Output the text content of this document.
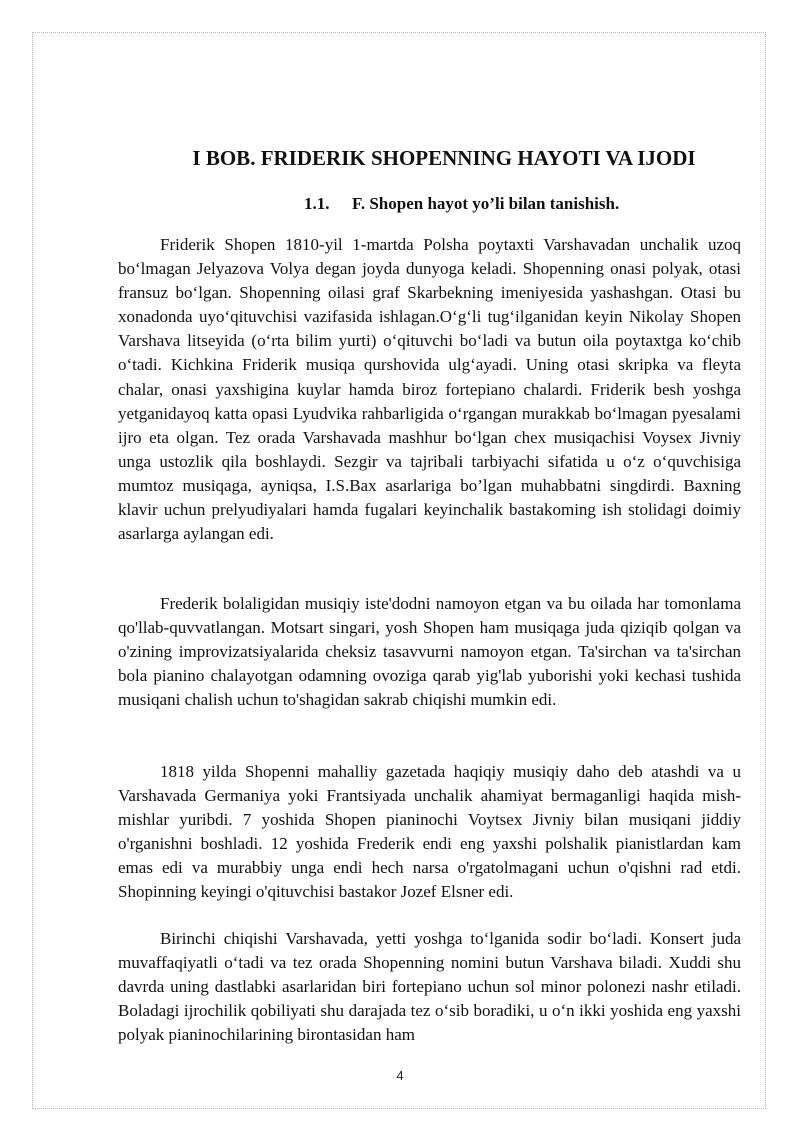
I BOB. FRIDERIK SHOPENNING HAYOTI VA IJODI
1.1. F. Shopen hayot yo’li bilan tanishish.

Friderik Shopen 1810-yil 1-martda Polsha poytaxti Varshavadan unchalik uzoq bo‘lmagan Jelyazova Volya degan joyda dunyoga keladi. Shopenning onasi polyak, otasi fransuz bo‘lgan. Shopenning oilasi graf Skarbekning imeniyesida yashashgan. Otasi bu xonadonda uyo‘qituvchisi vazifasida ishlagan.O‘g‘li tug‘ilganidan keyin Nikolay Shopen Varshava litseyida (o‘rta bilim yurti) o‘qituvchi bo‘ladi va butun oila poytaxtga ko‘chib o‘tadi. Kichkina Friderik musiqa qurshovida ulg‘ayadi. Uning otasi skripka va fleyta chalar, onasi yaxshigina kuylar hamda biroz fortepiano chalardi. Friderik besh yoshga yetganidayoq katta opasi Lyudvika rahbarligida o‘rgangan murakkab bo‘lmagan pyesalami ijro eta olgan. Tez orada Varshavada mashhur bo‘lgan chex musiqachisi Voysex Jivniy unga ustozlik qila boshlaydi. Sezgir va tajribali tarbiyachi sifatida u o‘z o‘quvchisiga mumtoz musiqaga, ayniqsa, I.S.Bax asarlariga bo’lgan muhabbatni singdirdi. Baxning klavir uchun prelyudiyalari hamda fugalari keyinchalik bastakoming ish stolidagi doimiy asarlarga aylangan edi.

Frederik bolaligidan musiqiy iste'dodni namoyon etgan va bu oilada har tomonlama qo'llab-quvvatlangan. Motsart singari, yosh Shopen ham musiqaga juda qiziqib qolgan va o'zining improvizatsiyalarida cheksiz tasavvurni namoyon etgan. Ta'sirchan va ta'sirchan bola pianino chalayotgan odamning ovoziga qarab yig'lab yuborishi yoki kechasi tushida musiqani chalish uchun to'shagidan sakrab chiqishi mumkin edi.

1818 yilda Shopenni mahalliy gazetada haqiqiy musiqiy daho deb atashdi va u Varshavada Germaniya yoki Frantsiyada unchalik ahamiyat bermaganligi haqida mish-mishlar yuribdi. 7 yoshida Shopen pianinochi Voytsex Jivniy bilan musiqani jiddiy o'rganishni boshladi. 12 yoshida Frederik endi eng yaxshi polshalik pianistlardan kam emas edi va murabbiy unga endi hech narsa o'rgatolmagani uchun o'qishni rad etdi. Shopinning keyingi o'qituvchisi bastakor Jozef Elsner edi.

Birinchi chiqishi Varshavada, yetti yoshga to‘lganida sodir bo‘ladi. Konsert juda muvaffaqiyatli o‘tadi va tez orada Shopenning nomini butun Varshava biladi. Xuddi shu davrda uning dastlabki asarlaridan biri fortepiano uchun sol minor polonezi nashr etiladi. Boladagi ijrochilik qobiliyati shu darajada tez o‘sib boradiki, u o‘n ikki yoshida eng yaxshi polyak pianinochilarining birontasidan ham

4
